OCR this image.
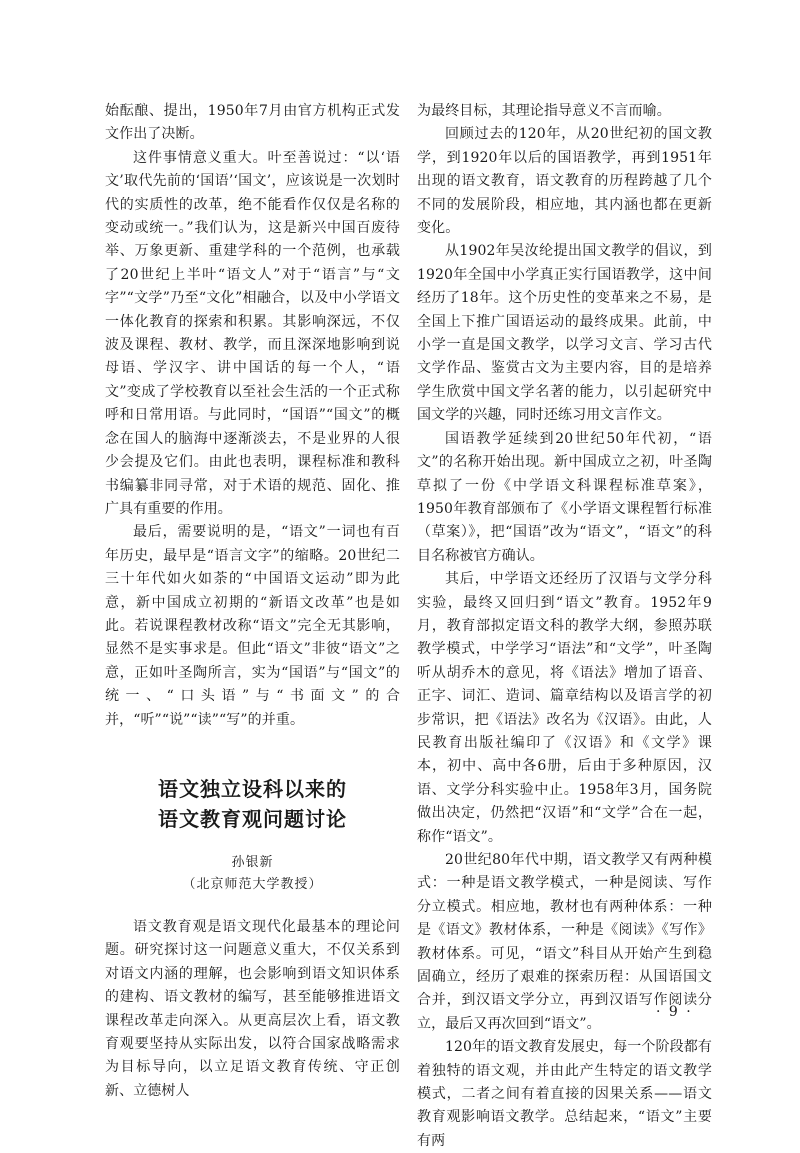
始酝酿、提出，1950年7月由官方机构正式发文作出了决断。

这件事情意义重大。叶至善说过：“以‘语文’取代先前的‘国语’‘国文’，应该说是一次划时代的实质性的改革，绝不能看作仅仅是名称的变动或统一。”我们认为，这是新兴中国百废待举、万象更新、重建学科的一个范例，也承载了20世纪上半叶“语文人”对于“语言”与“文字”“文学”乃至“文化”相融合，以及中小学语文一体化教育的探索和积累。其影响深远，不仅波及课程、教材、教学，而且深深地影响到说母语、学汉字、讲中国话的每一个人，“语文”变成了学校教育以至社会生活的一个正式称呼和日常用语。与此同时，“国语”“国文”的概念在国人的脑海中逐渐淡去，不是业界的人很少会提及它们。由此也表明，课程标准和教科书编纂非同寻常，对于术语的规范、固化、推广具有重要的作用。

最后，需要说明的是，“语文”一词也有百年历史，最早是“语言文字”的缩略。20世纪二三十年代如火如荼的“中国语文运动”即为此意，新中国成立初期的“新语文改革”也是如此。若说课程教材改称“语文”完全无其影响，显然不是实事求是。但此“语文”非彼“语文”之意，正如叶圣陶所言，实为“国语”与“国文”的统一、“口头语”与“书面文”的合并，“听”“说”“读”“写”的并重。

语文独立设科以来的
语文教育观问题讨论
孙银新
（北京师范大学教授）

语文教育观是语文现代化最基本的理论问题。研究探讨这一问题意义重大，不仅关系到对语文内涵的理解，也会影响到语文知识体系的建构、语文教材的编写，甚至能够推进语文课程改革走向深入。从更高层次上看，语文教育观要坚持从实际出发，以符合国家战略需求为目标导向，以立足语文教育传统、守正创新、立德树人

为最终目标，其理论指导意义不言而喻。

回顾过去的120年，从20世纪初的国文教学，到1920年以后的国语教学，再到1951年出现的语文教育，语文教育的历程跨越了几个不同的发展阶段，相应地，其内涵也都在更新变化。

从1902年吴汝纶提出国文教学的倡议，到1920年全国中小学真正实行国语教学，这中间经历了18年。这个历史性的变革来之不易，是全国上下推广国语运动的最终成果。此前，中小学一直是国文教学，以学习文言、学习古代文学作品、鉴赏古文为主要内容，目的是培养学生欣赏中国文学名著的能力，以引起研究中国文学的兴趣，同时还练习用文言作文。

国语教学延续到20世纪50年代初，“语文”的名称开始出现。新中国成立之初，叶圣陶草拟了一份《中学语文科课程标准草案》，1950年教育部颁布了《小学语文课程暂行标准（草案）》，把“国语”改为“语文”，“语文”的科目名称被官方确认。

其后，中学语文还经历了汉语与文学分科实验，最终又回归到“语文”教育。1952年9月，教育部拟定语文科的教学大纲，参照苏联教学模式，中学学习“语法”和“文学”，叶圣陶听从胡乔木的意见，将《语法》增加了语音、正字、词汇、造词、篇章结构以及语言学的初步常识，把《语法》改名为《汉语》。由此，人民教育出版社编印了《汉语》和《文学》课本，初中、高中各6册，后由于多种原因，汉语、文学分科实验中止。1958年3月，国务院做出决定，仍然把“汉语”和“文学”合在一起，称作“语文”。

20世纪80年代中期，语文教学又有两种模式：一种是语文教学模式，一种是阅读、写作分立模式。相应地，教材也有两种体系：一种是《语文》教材体系，一种是《阅读》《写作》教材体系。可见，“语文”科目从开始产生到稳固确立，经历了艰难的探索历程：从国语国文合并，到汉语文学分立，再到汉语写作阅读分立，最后又再次回到“语文”。

120年的语文教育发展史，每一个阶段都有着独特的语文观，并由此产生特定的语文教学模式，二者之间有着直接的因果关系——语文教育观影响语文教学。总结起来，“语文”主要有两

· 9 ·
